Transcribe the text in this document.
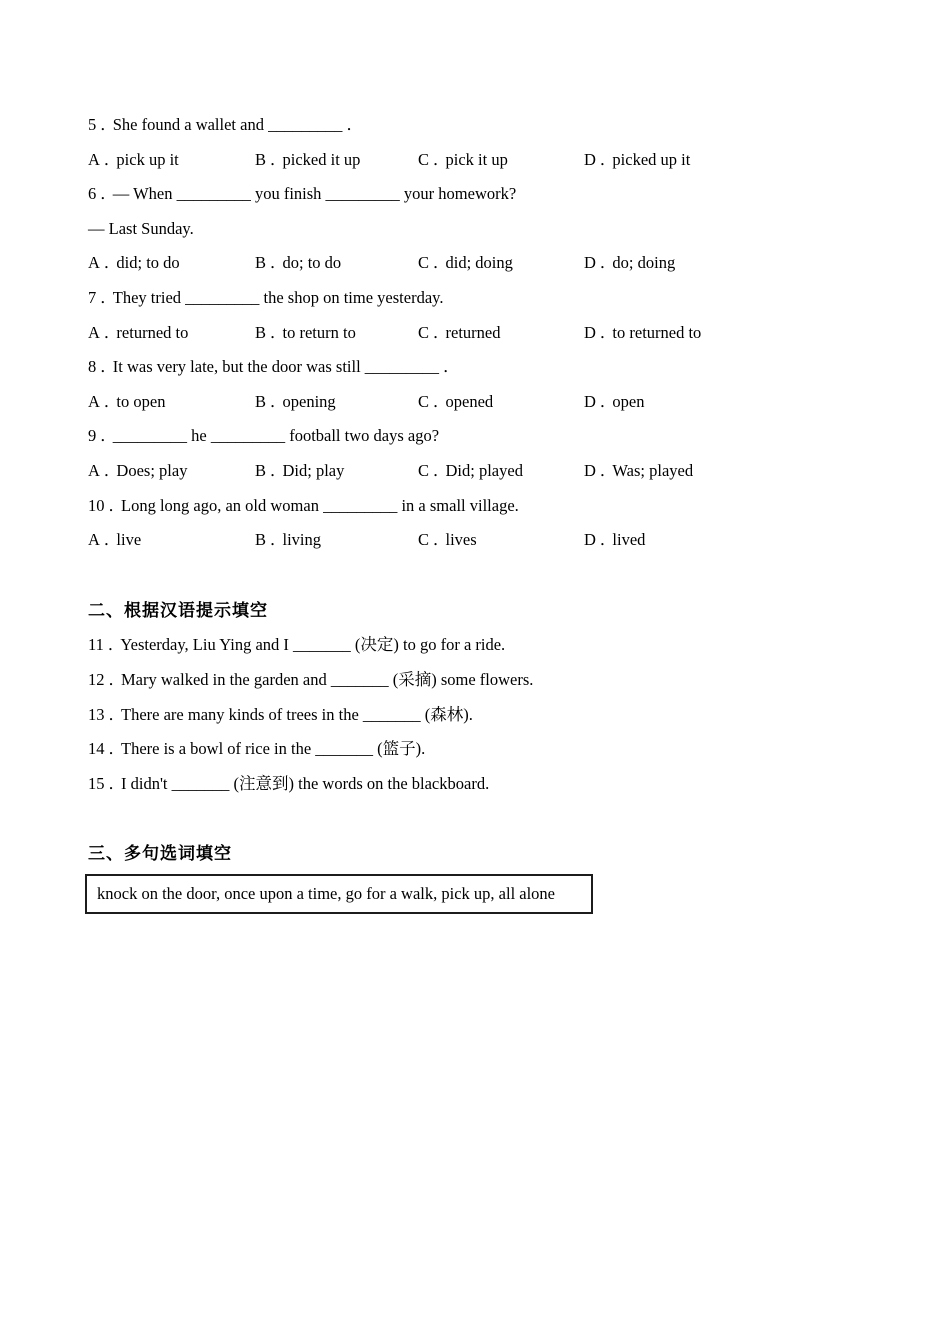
5 ．She found a wallet and _________ ．
A ．pick up it	B ．picked it up	C ．pick it up	D ．picked up it
6 ．— When _________ you finish _________ your homework?
— Last Sunday.
A ．did; to do	B ．do; to do	C ．did; doing	D ．do; doing
7 ．They tried _________ the shop on time yesterday.
A ．returned to	B ．to return to	C ．returned	D ．to returned to
8 ．It was very late, but the door was still _________ ．
A ．to open	B ．opening	C ．opened	D ．open
9 ．_________ he _________ football two days ago?
A ．Does; play	B ．Did; play	C ．Did; played	D ．Was; played
10 ．Long long ago, an old woman _________ in a small village.
A ．live	B ．living	C ．lives	D ．lived
二、根据汉语提示填空
11 ．Yesterday, Liu Ying and I _______ (决定) to go for a ride.
12 ．Mary walked in the garden and _______ (采摘) some flowers.
13 ．There are many kinds of trees in the _______ (森林).
14 ．There is a bowl of rice in the _______ (篮子).
15 ．I didn't _______ (注意到) the words on the blackboard.
三、多句选词填空
knock on the door, once upon a time, go for a walk, pick up, all alone
